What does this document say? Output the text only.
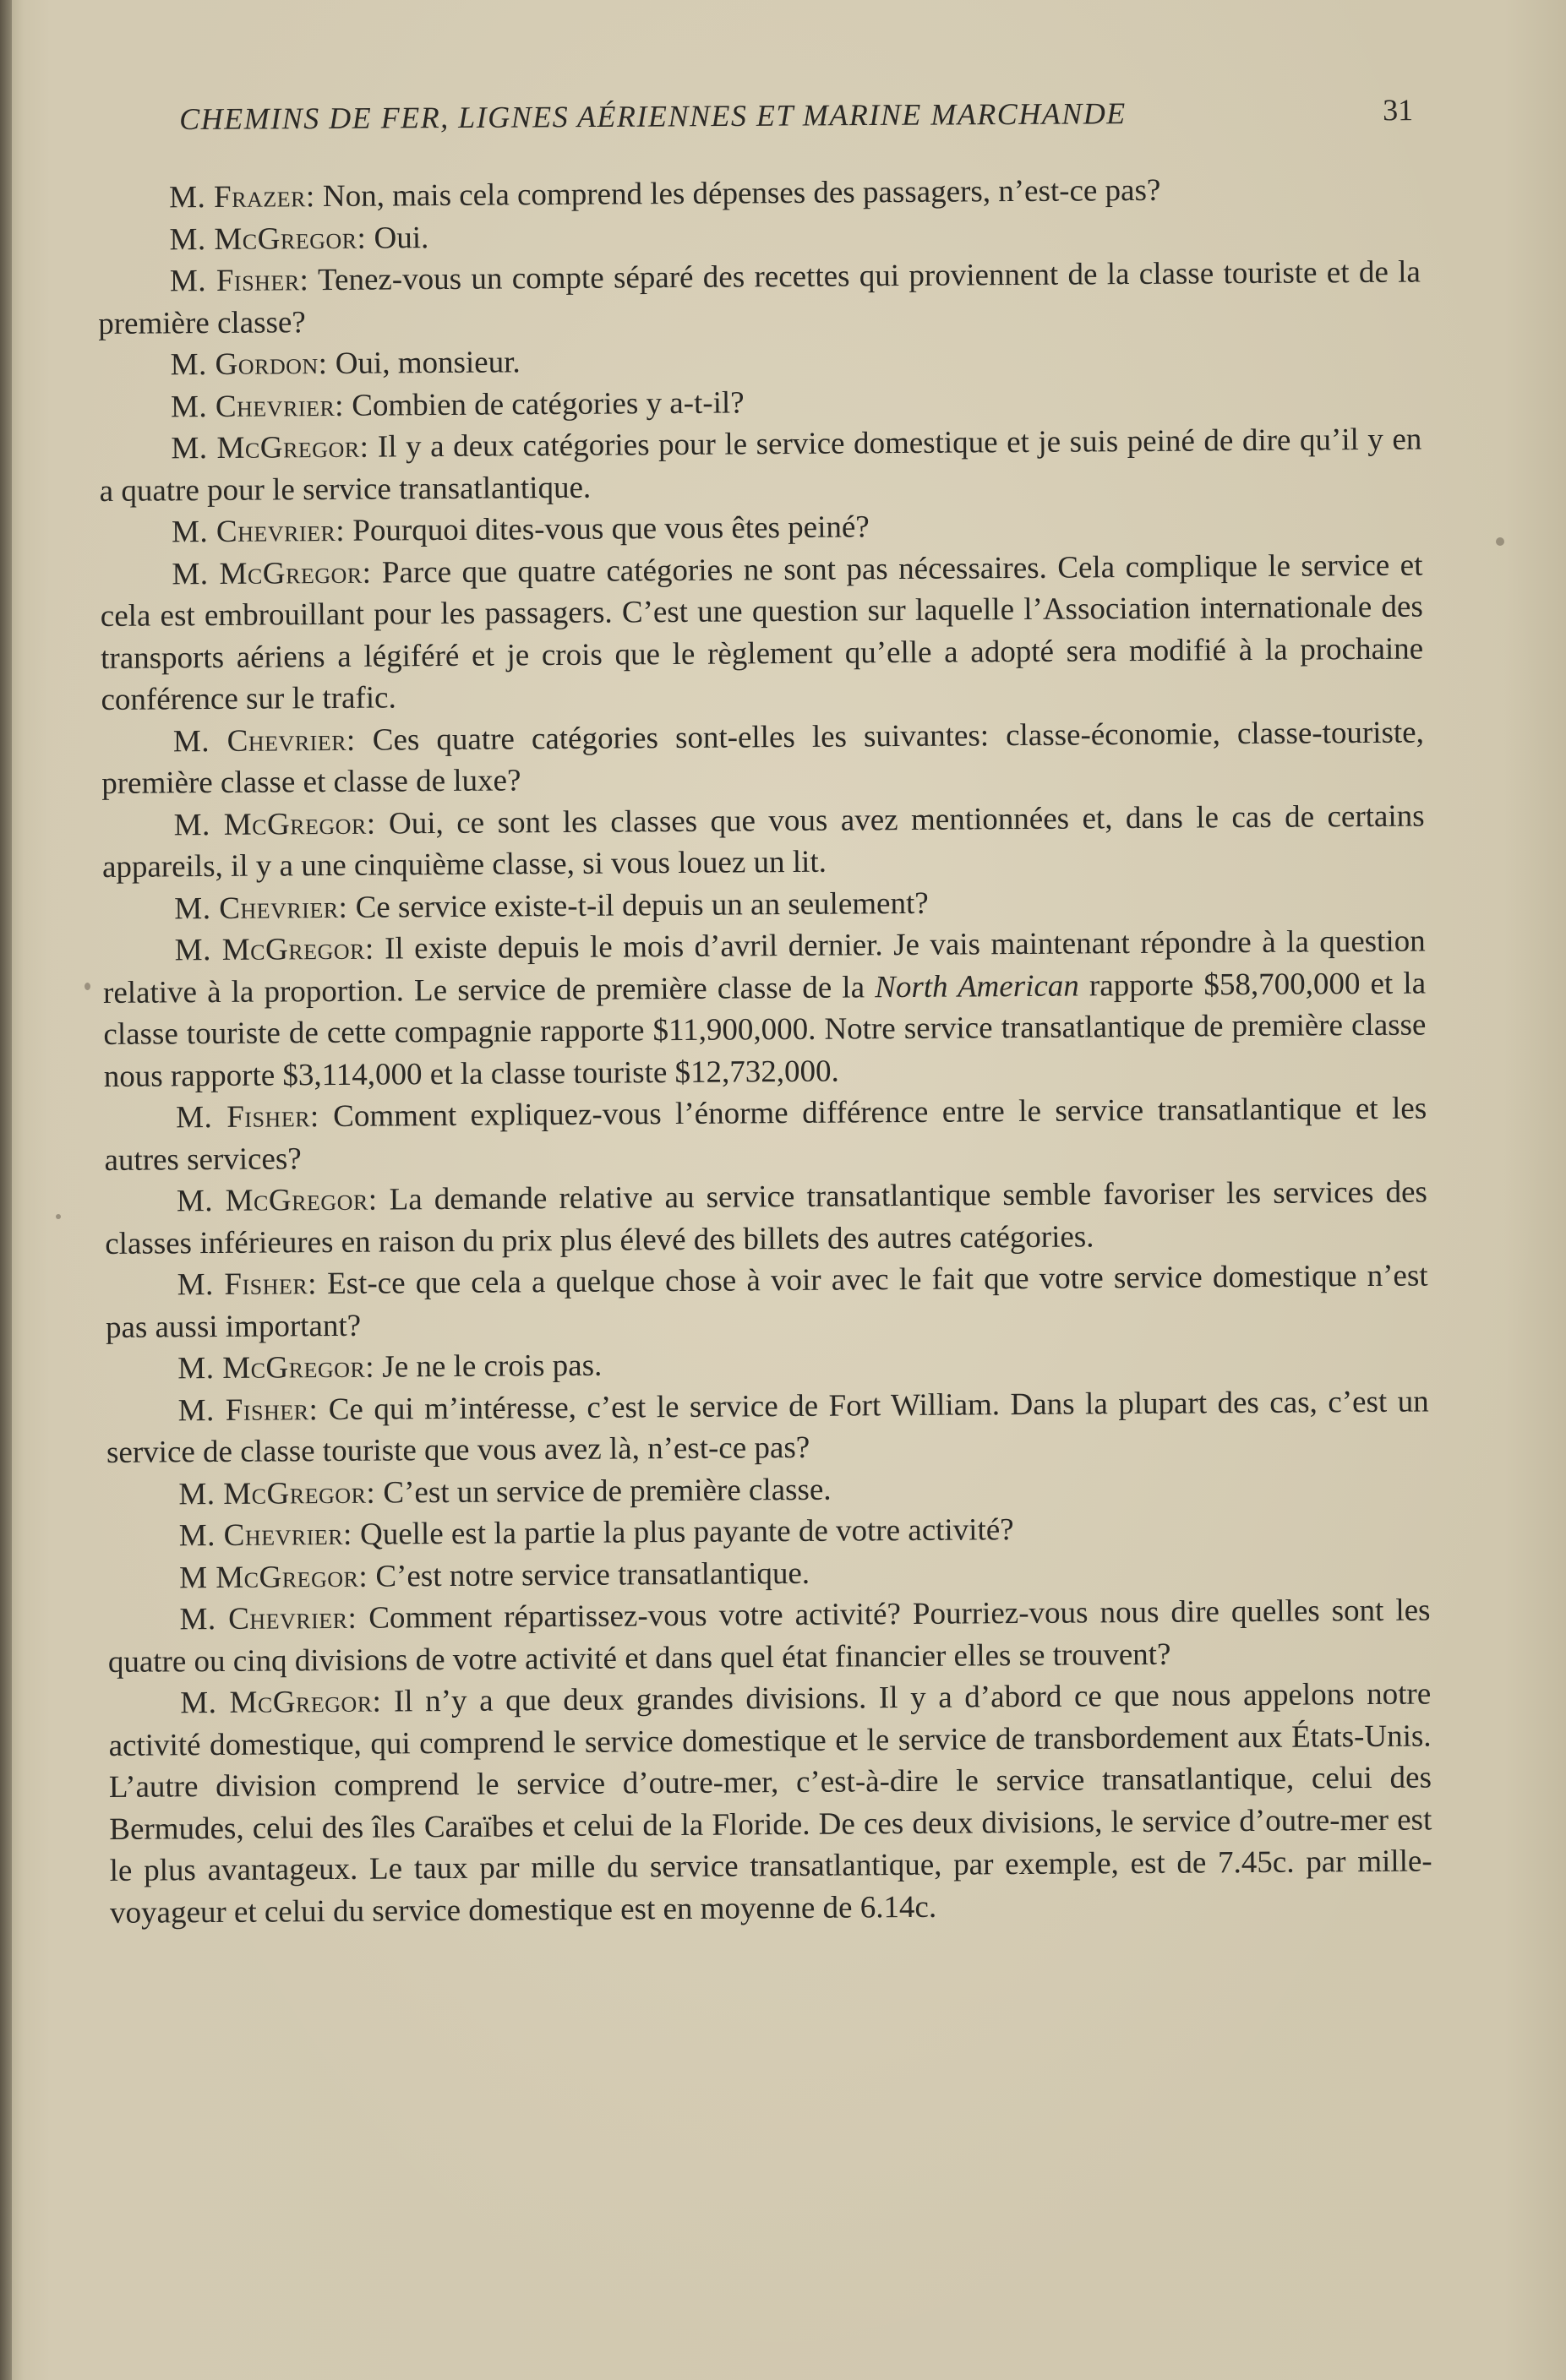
CHEMINS DE FER, LIGNES AÉRIENNES ET MARINE MARCHANDE	31

M. Frazer: Non, mais cela comprend les dépenses des passagers, n’est-ce pas?

M. McGregor: Oui.

M. Fisher: Tenez-vous un compte séparé des recettes qui proviennent de la classe touriste et de la première classe?

M. Gordon: Oui, monsieur.

M. Chevrier: Combien de catégories y a-t-il?

M. McGregor: Il y a deux catégories pour le service domestique et je suis peiné de dire qu’il y en a quatre pour le service transatlantique.

M. Chevrier: Pourquoi dites-vous que vous êtes peiné?

M. McGregor: Parce que quatre catégories ne sont pas nécessaires. Cela complique le service et cela est embrouillant pour les passagers. C’est une question sur laquelle l’Association internationale des transports aériens a légiféré et je crois que le règlement qu’elle a adopté sera modifié à la prochaine conférence sur le trafic.

M. Chevrier: Ces quatre catégories sont-elles les suivantes: classe-économie, classe-touriste, première classe et classe de luxe?

M. McGregor: Oui, ce sont les classes que vous avez mentionnées et, dans le cas de certains appareils, il y a une cinquième classe, si vous louez un lit.

M. Chevrier: Ce service existe-t-il depuis un an seulement?

M. McGregor: Il existe depuis le mois d’avril dernier. Je vais maintenant répondre à la question relative à la proportion. Le service de première classe de la North American rapporte $58,700,000 et la classe touriste de cette compagnie rapporte $11,900,000. Notre service transatlantique de première classe nous rapporte $3,114,000 et la classe touriste $12,732,000.

M. Fisher: Comment expliquez-vous l’énorme différence entre le service transatlantique et les autres services?

M. McGregor: La demande relative au service transatlantique semble favoriser les services des classes inférieures en raison du prix plus élevé des billets des autres catégories.

M. Fisher: Est-ce que cela a quelque chose à voir avec le fait que votre service domestique n’est pas aussi important?

M. McGregor: Je ne le crois pas.

M. Fisher: Ce qui m’intéresse, c’est le service de Fort William. Dans la plupart des cas, c’est un service de classe touriste que vous avez là, n’est-ce pas?

M. McGregor: C’est un service de première classe.

M. Chevrier: Quelle est la partie la plus payante de votre activité?

M McGregor: C’est notre service transatlantique.

M. Chevrier: Comment répartissez-vous votre activité? Pourriez-vous nous dire quelles sont les quatre ou cinq divisions de votre activité et dans quel état financier elles se trouvent?

M. McGregor: Il n’y a que deux grandes divisions. Il y a d’abord ce que nous appelons notre activité domestique, qui comprend le service domestique et le service de transbordement aux États-Unis. L’autre division comprend le service d’outre-mer, c’est-à-dire le service transatlantique, celui des Bermudes, celui des îles Caraïbes et celui de la Floride. De ces deux divisions, le service d’outre-mer est le plus avantageux. Le taux par mille du service transatlantique, par exemple, est de 7.45c. par mille-voyageur et celui du service domestique est en moyenne de 6.14c.
